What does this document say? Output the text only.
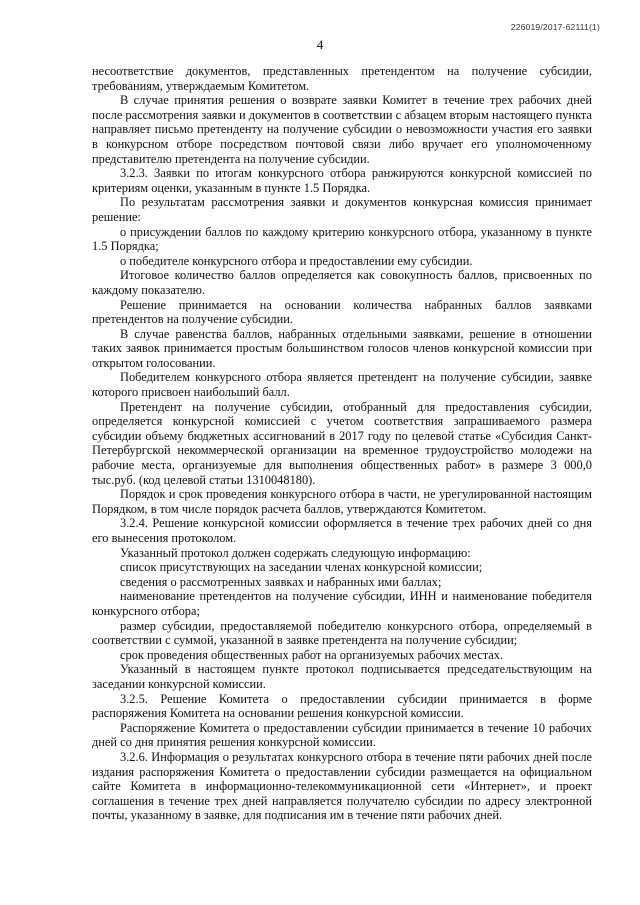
226019/2017-62111(1)
4

несоответствие документов, представленных претендентом на получение субсидии, требованиям, утверждаемым Комитетом.

В случае принятия решения о возврате заявки Комитет в течение трех рабочих дней после рассмотрения заявки и документов в соответствии с абзацем вторым настоящего пункта направляет письмо претенденту на получение субсидии о невозможности участия его заявки в конкурсном отборе посредством почтовой связи либо вручает его уполномоченному представителю претендента на получение субсидии.

3.2.3. Заявки по итогам конкурсного отбора ранжируются конкурсной комиссией по критериям оценки, указанным в пункте 1.5 Порядка.

По результатам рассмотрения заявки и документов конкурсная комиссия принимает решение:

о присуждении баллов по каждому критерию конкурсного отбора, указанному в пункте 1.5 Порядка;

о победителе конкурсного отбора и предоставлении ему субсидии.

Итоговое количество баллов определяется как совокупность баллов, присвоенных по каждому показателю.

Решение принимается на основании количества набранных баллов заявками претендентов на получение субсидии.

В случае равенства баллов, набранных отдельными заявками, решение в отношении таких заявок принимается простым большинством голосов членов конкурсной комиссии при открытом голосовании.

Победителем конкурсного отбора является претендент на получение субсидии, заявке которого присвоен наибольший балл.

Претендент на получение субсидии, отобранный для предоставления субсидии, определяется конкурсной комиссией с учетом соответствия запрашиваемого размера субсидии объему бюджетных ассигнований в 2017 году по целевой статье «Субсидия Санкт-Петербургской некоммерческой организации на временное трудоустройство молодежи на рабочие места, организуемые для выполнения общественных работ» в размере 3 000,0 тыс.руб. (код целевой статьи 1310048180).

Порядок и срок проведения конкурсного отбора в части, не урегулированной настоящим Порядком, в том числе порядок расчета баллов, утверждаются Комитетом.

3.2.4. Решение конкурсной комиссии оформляется в течение трех рабочих дней со дня его вынесения протоколом.

Указанный протокол должен содержать следующую информацию:

список присутствующих на заседании членах конкурсной комиссии;

сведения о рассмотренных заявках и набранных ими баллах;

наименование претендентов на получение субсидии, ИНН и наименование победителя конкурсного отбора;

размер субсидии, предоставляемой победителю конкурсного отбора, определяемый в соответствии с суммой, указанной в заявке претендента на получение субсидии;

срок проведения общественных работ на организуемых рабочих местах.

Указанный в настоящем пункте протокол подписывается председательствующим на заседании конкурсной комиссии.

3.2.5. Решение Комитета о предоставлении субсидии принимается в форме распоряжения Комитета на основании решения конкурсной комиссии.

Распоряжение Комитета о предоставлении субсидии принимается в течение 10 рабочих дней со дня принятия решения конкурсной комиссии.

3.2.6. Информация о результатах конкурсного отбора в течение пяти рабочих дней после издания распоряжения Комитета о предоставлении субсидии размещается на официальном сайте Комитета в информационно-телекоммуникационной сети «Интернет», и проект соглашения в течение трех дней направляется получателю субсидии по адресу электронной почты, указанному в заявке, для подписания им в течение пяти рабочих дней.
